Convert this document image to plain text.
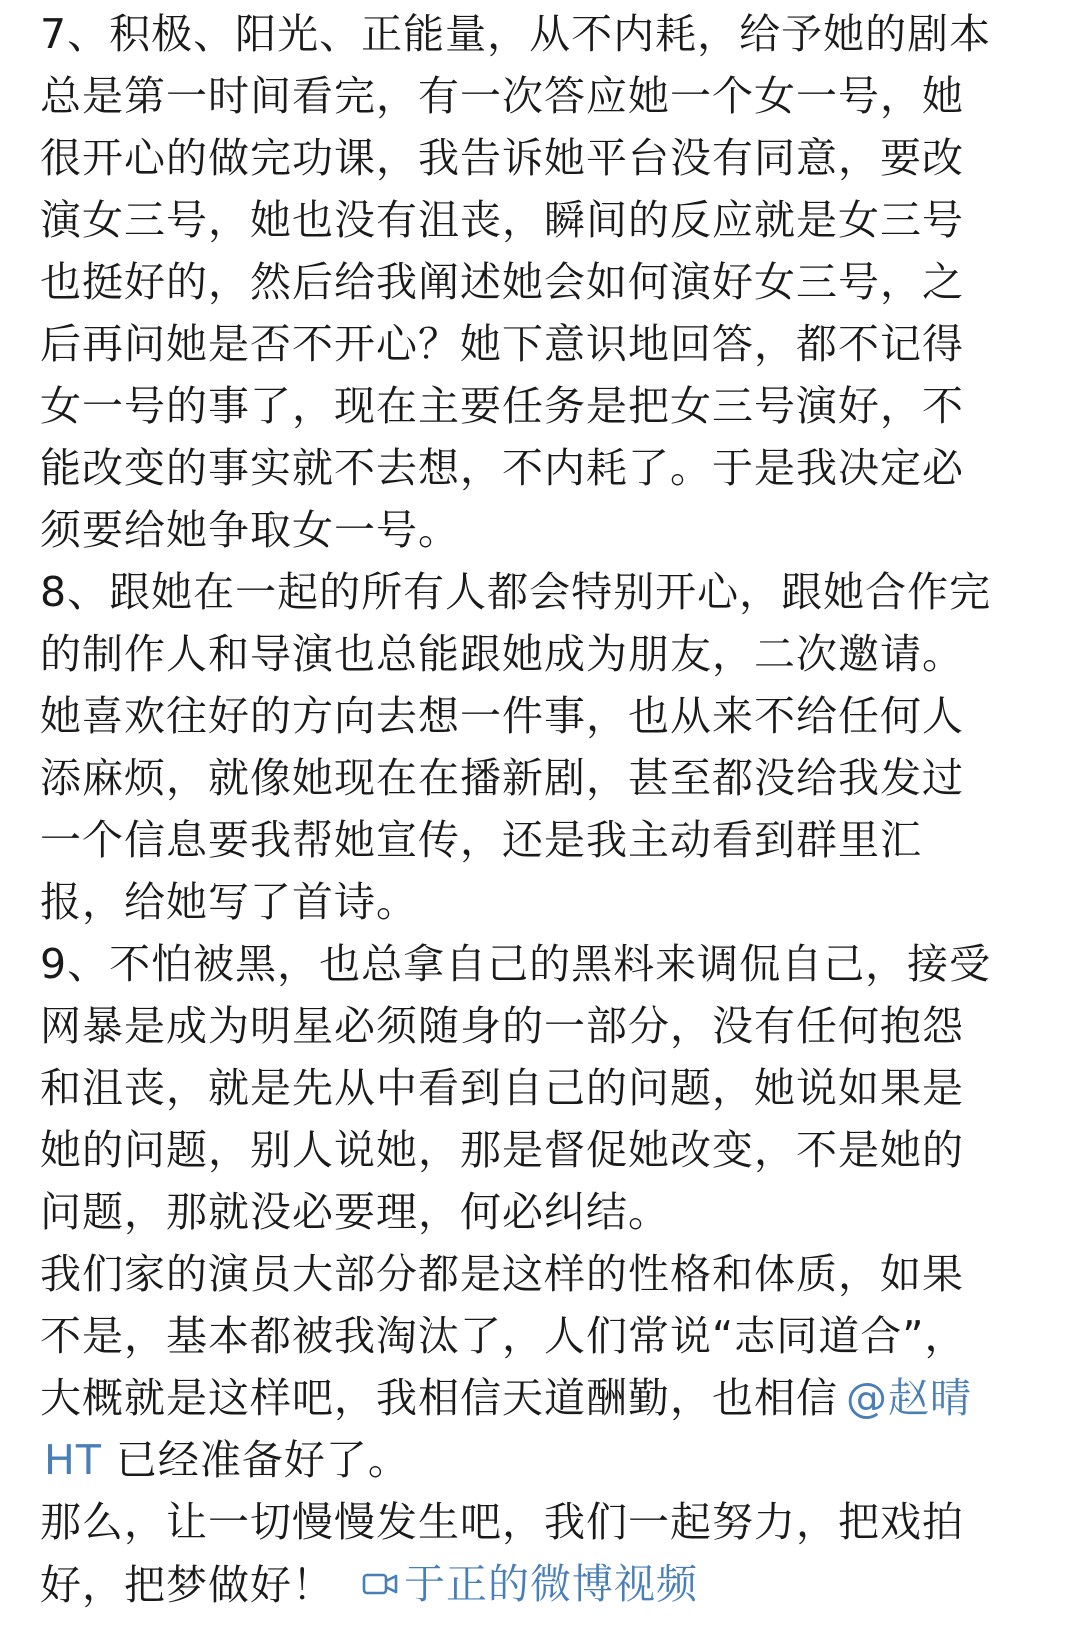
7、积极、阳光、正能量，从不内耗，给予她的剧本
总是第一时间看完，有一次答应她一个女一号，她
很开心的做完功课，我告诉她平台没有同意，要改
演女三号，她也没有沮丧，瞬间的反应就是女三号
也挺好的，然后给我阐述她会如何演好女三号，之
后再问她是否不开心？她下意识地回答，都不记得
女一号的事了，现在主要任务是把女三号演好，不
能改变的事实就不去想，不内耗了。于是我决定必
须要给她争取女一号。
8、跟她在一起的所有人都会特别开心，跟她合作完
的制作人和导演也总能跟她成为朋友，二次邀请。
她喜欢往好的方向去想一件事，也从来不给任何人
添麻烦，就像她现在在播新剧，甚至都没给我发过
一个信息要我帮她宣传，还是我主动看到群里汇
报，给她写了首诗。
9、不怕被黑，也总拿自己的黑料来调侃自己，接受
网暴是成为明星必须随身的一部分，没有任何抱怨
和沮丧，就是先从中看到自己的问题，她说如果是
她的问题，别人说她，那是督促她改变，不是她的
问题，那就没必要理，何必纠结。
我们家的演员大部分都是这样的性格和体质，如果
不是，基本都被我淘汰了，人们常说“志同道合”，
大概就是这样吧，我相信天道酬勤，也相信 @赵晴
HT 已经准备好了。
那么，让一切慢慢发生吧，我们一起努力，把戏拍
好，把梦做好！ 于正的微博视频
